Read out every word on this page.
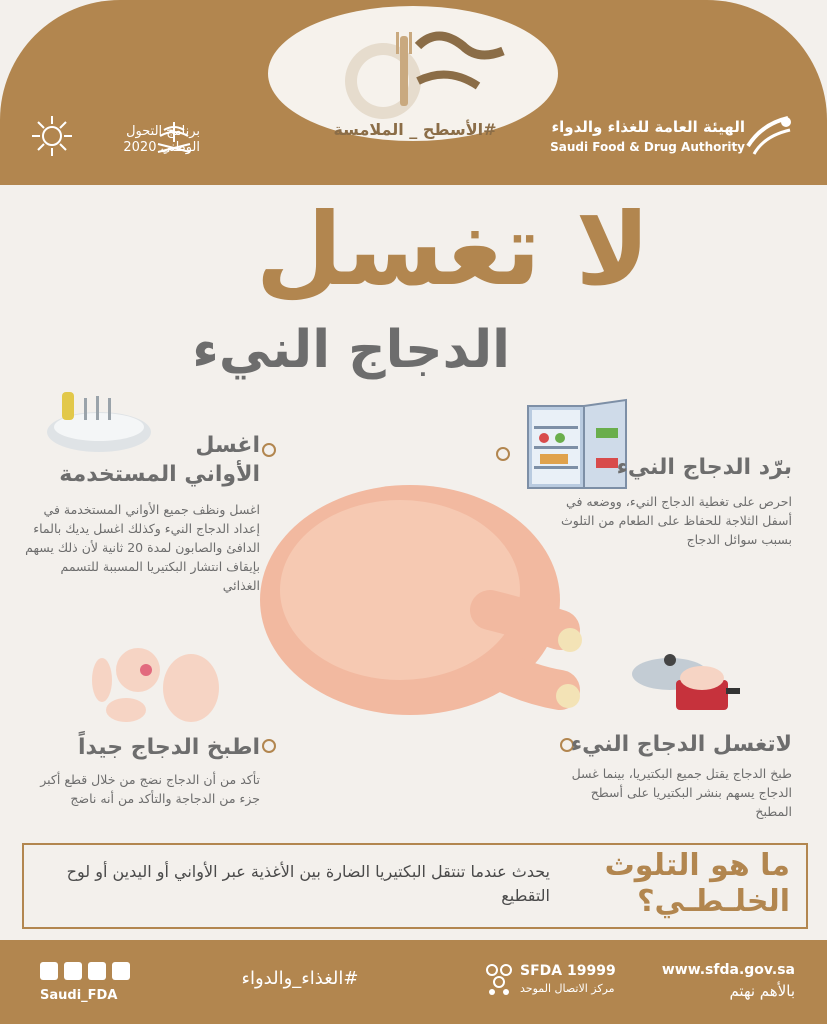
#الأسطح _ الملامسة	الهيئة العامة للغذاء والدواء
Saudi Food & Drug Authority
برنامج التحول
الوطني 2020
لا تغسل
الدجاج النيء
اغسل
الأواني المستخدمة
اغسل ونظف جميع الأواني المستخدمة في إعداد الدجاج النيء وكذلك اغسل يديك بالماء الدافئ والصابون لمدة 20 ثانية لأن ذلك يسهم بإيقاف انتشار البكتيريا المسببة للتسمم الغذائي
برّد الدجاج النيء
احرص على تغطية الدجاج النيء، ووضعه في أسفل الثلاجة للحفاظ على الطعام من التلوث بسبب سوائل الدجاج
اطبخ الدجاج جيداً
تأكد من أن الدجاج نضج من خلال قطع أكبر جزء من الدجاجة والتأكد من أنه ناضج
لاتغسل الدجاج النيء
طبخ الدجاج يقتل جميع البكتيريا، بينما غسل الدجاج يسهم بنشر البكتيريا على أسطح المطبخ
ما هو التلوث
الخلـطـي؟
يحدث عندما تنتقل البكتيريا الضارة بين الأغذية عبر الأواني أو اليدين أو لوح التقطيع
Saudi_FDA
#الغذاء_والدواء	SFDA 19999
مركز الاتصال الموحد
www.sfda.gov.sa
بالأهم نهتم
